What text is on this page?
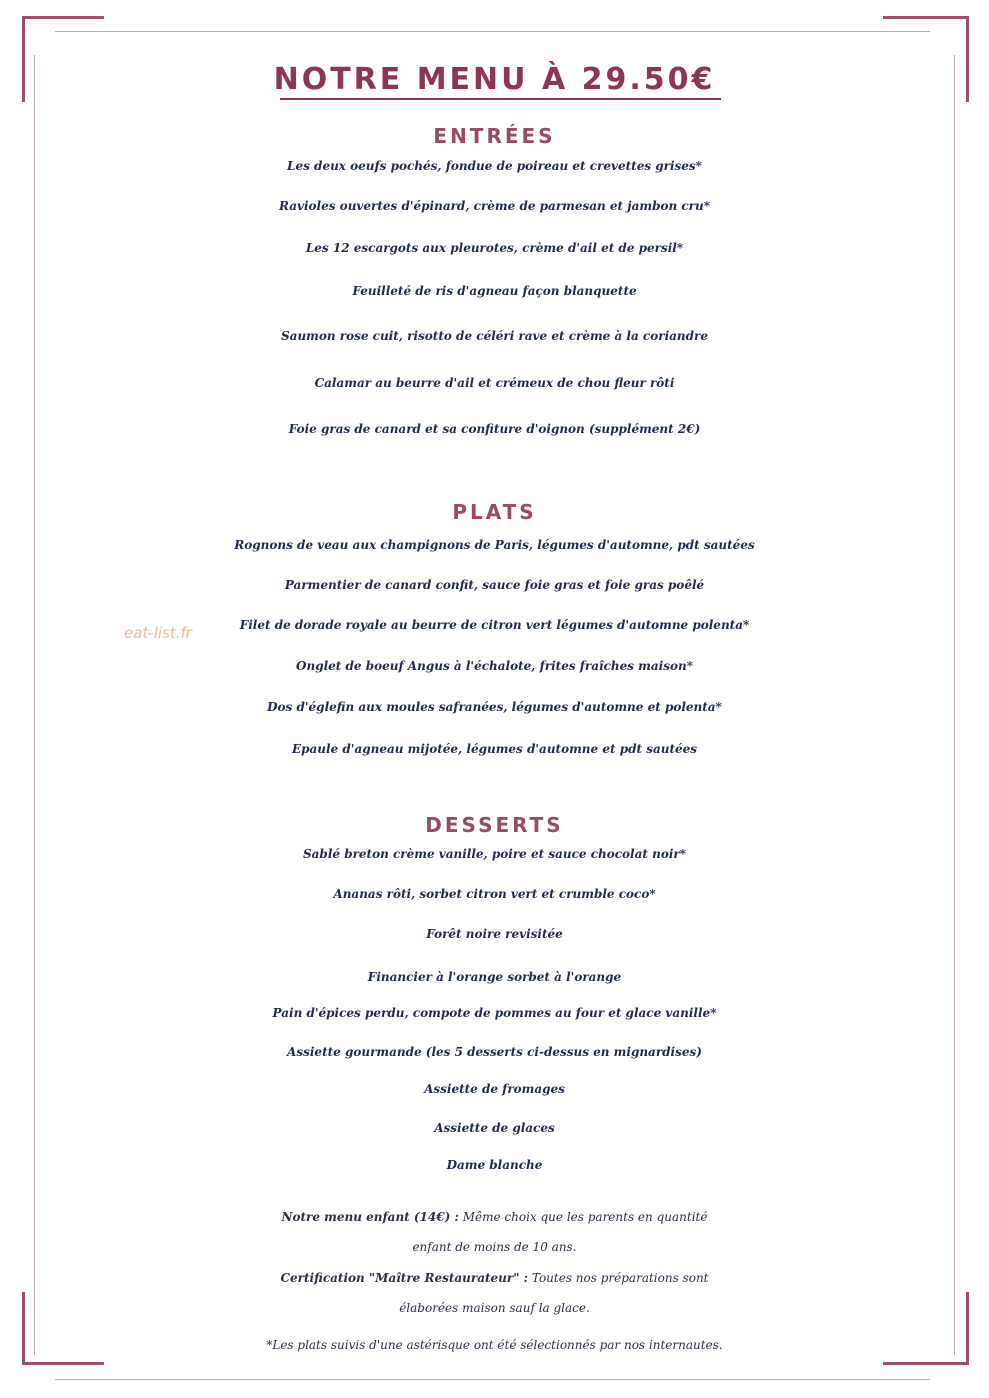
NOTRE MENU À 29.50€
ENTRÉES
Les deux oeufs pochés, fondue de poireau et crevettes grises*
Ravioles ouvertes d'épinard, crème de parmesan et jambon cru*
Les 12 escargots aux pleurotes, crème d'ail et de persil*
Feuilleté de ris d'agneau façon blanquette
Saumon rose cuit, risotto de céléri rave et crème à la coriandre
Calamar au beurre d'ail et crémeux de chou fleur rôti
Foie gras de canard et sa confiture d'oignon (supplément 2€)
PLATS
Rognons de veau aux champignons de Paris, légumes d'automne, pdt sautées
Parmentier de canard confit, sauce foie gras et foie gras poêlé
Filet de dorade royale au beurre de citron vert légumes d'automne polenta*
Onglet de boeuf Angus à l'échalote, frites fraîches maison*
Dos d'églefin aux moules safranées, légumes d'automne et polenta*
Epaule d'agneau mijotée, légumes d'automne et pdt sautées
DESSERTS
Sablé breton crème vanille, poire et sauce chocolat noir*
Ananas rôti, sorbet citron vert et crumble coco*
Forêt noire revisitée
Financier à l'orange sorbet à l'orange
Pain d'épices perdu, compote de pommes au four et glace vanille*
Assiette gourmande (les 5 desserts ci-dessus en mignardises)
Assiette de fromages
Assiette de glaces
Dame blanche
Notre menu enfant (14€) : Même choix que les parents en quantité
enfant de moins de 10 ans.
Certification "Maître Restaurateur" : Toutes nos préparations sont
élaborées maison sauf la glace.
*Les plats suivis d'une astérisque ont été sélectionnés par nos internautes.
eat-list.fr
